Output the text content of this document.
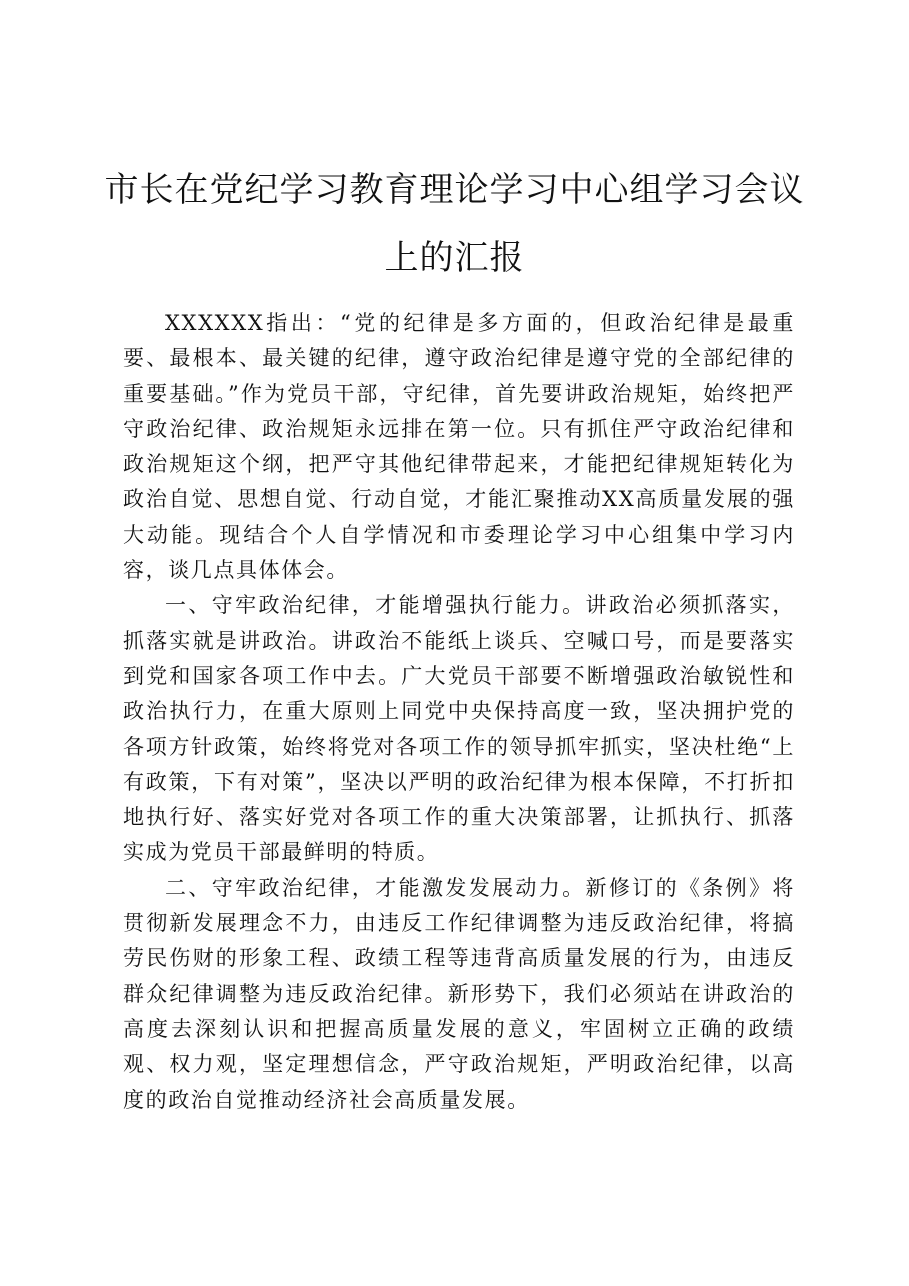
市长在党纪学习教育理论学习中心组学习会议上的汇报

XXXXXX指出：“党的纪律是多方面的，但政治纪律是最重要、最根本、最关键的纪律，遵守政治纪律是遵守党的全部纪律的重要基础。”作为党员干部，守纪律，首先要讲政治规矩，始终把严守政治纪律、政治规矩永远排在第一位。只有抓住严守政治纪律和政治规矩这个纲，把严守其他纪律带起来，才能把纪律规矩转化为政治自觉、思想自觉、行动自觉，才能汇聚推动XX高质量发展的强大动能。现结合个人自学情况和市委理论学习中心组集中学习内容，谈几点具体体会。

一、守牢政治纪律，才能增强执行能力。讲政治必须抓落实，抓落实就是讲政治。讲政治不能纸上谈兵、空喊口号，而是要落实到党和国家各项工作中去。广大党员干部要不断增强政治敏锐性和政治执行力，在重大原则上同党中央保持高度一致，坚决拥护党的各项方针政策，始终将党对各项工作的领导抓牢抓实，坚决杜绝“上有政策，下有对策”，坚决以严明的政治纪律为根本保障，不打折扣地执行好、落实好党对各项工作的重大决策部署，让抓执行、抓落实成为党员干部最鲜明的特质。

二、守牢政治纪律，才能激发发展动力。新修订的《条例》将贯彻新发展理念不力，由违反工作纪律调整为违反政治纪律，将搞劳民伤财的形象工程、政绩工程等违背高质量发展的行为，由违反群众纪律调整为违反政治纪律。新形势下，我们必须站在讲政治的高度去深刻认识和把握高质量发展的意义，牢固树立正确的政绩观、权力观，坚定理想信念，严守政治规矩，严明政治纪律，以高度的政治自觉推动经济社会高质量发展。
